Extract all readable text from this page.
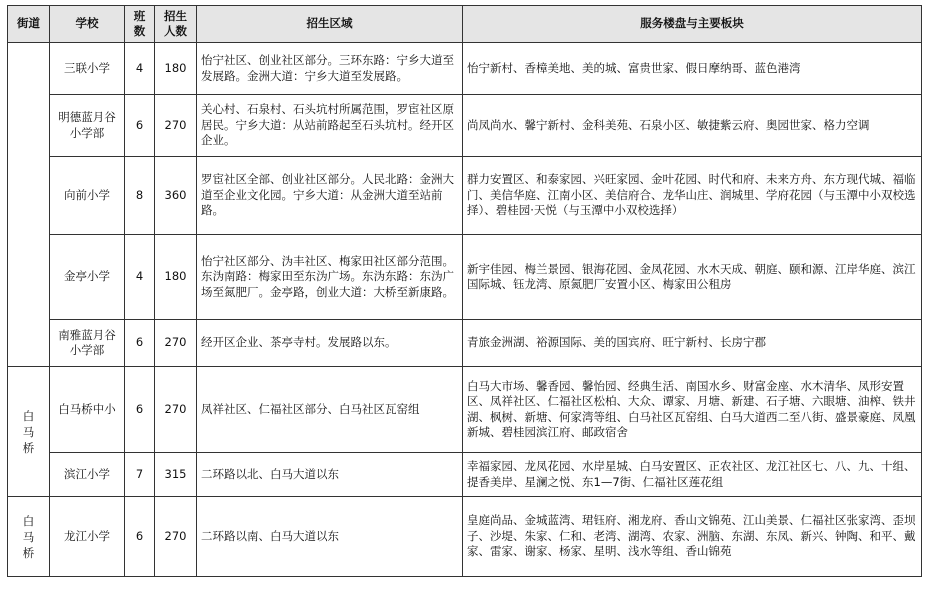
街道	学校	班数	招生人数	招生区域	服务楼盘与主要板块

	三联小学	4	180	怡宁社区、创业社区部分。三环东路：宁乡大道至发展路。金洲大道：宁乡大道至发展路。	怡宁新村、香樟美地、美的城、富贵世家、假日摩纳哥、蓝色港湾
	明德蓝月谷小学部	6	270	关心村、石泉村、石头坑村所属范围，罗宦社区原居民。宁乡大道：从站前路起至石头坑村。经开区企业。	尚凤尚水、馨宁新村、金科美苑、石泉小区、敏捷紫云府、奥园世家、格力空调
	向前小学	8	360	罗宦社区全部、创业社区部分。人民北路：金洲大道至企业文化园。宁乡大道：从金洲大道至站前路。	群力安置区、和泰家园、兴旺家园、金叶花园、时代和府、未来方舟、东方现代城、福临门、美信华庭、江南小区、美信府合、龙华山庄、润城里、学府花园（与玉潭中小双校选择）、碧桂园·天悦（与玉潭中小双校选择）
	金亭小学	4	180	怡宁社区部分、沩丰社区、梅家田社区部分范围。东沩南路：梅家田至东沩广场。东沩东路：东沩广场至氮肥厂。金亭路，创业大道：大桥至新康路。	新宇佳园、梅兰景园、银海花园、金凤花园、水木天成、朝庭、颐和源、江岸华庭、滨江国际城、钰龙湾、原氮肥厂安置小区、梅家田公租房
	南雅蓝月谷小学部	6	270	经开区企业、茶亭寺村。发展路以东。	青旅金洲湖、裕源国际、美的国宾府、旺宁新村、长房宁郡

白马桥	白马桥中小	6	270	凤祥社区、仁福社区部分、白马社区瓦窑组	白马大市场、馨香园、馨怡园、经典生活、南国水乡、财富金座、水木清华、凤形安置区、凤祥社区、仁福社区松柏、大众、谭家、月塘、新建、石子塘、六眼塘、油榨、铁井湖、枫树、新塘、何家湾等组、白马社区瓦窑组、白马大道西二至八街、盛景豪庭、凤凰新城、碧桂园滨江府、邮政宿舍
	滨江小学	7	315	二环路以北、白马大道以东	幸福家园、龙凤花园、水岸星城、白马安置区、正农社区、龙江社区七、八、九、十组、提香美岸、星澜之悦、东1—7街、仁福社区莲花组

白马桥	龙江小学	6	270	二环路以南、白马大道以东	皇庭尚品、金城蓝湾、珺钰府、湘龙府、香山文锦苑、江山美景、仁福社区张家湾、歪坝子、沙堤、朱家、仁和、老湾、湖湾、农家、洲脑、东湖、东凤、新兴、钟陶、和平、戴家、雷家、谢家、杨家、星明、浅水等组、香山锦苑
